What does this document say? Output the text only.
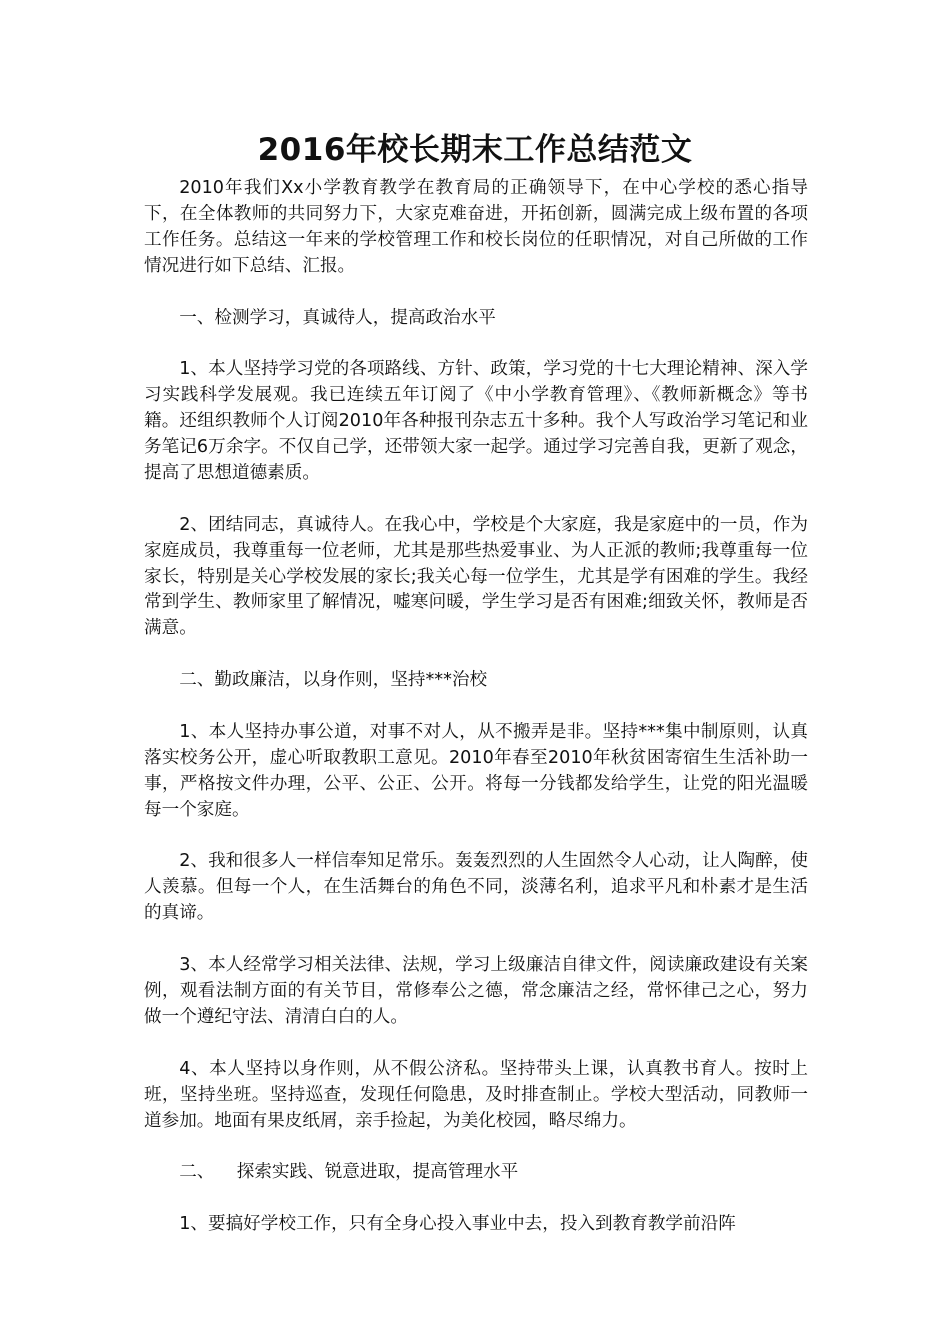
2016年校长期末工作总结范文

2010年我们Xx小学教育教学在教育局的正确领导下，在中心学校的悉心指导下，在全体教师的共同努力下，大家克难奋进，开拓创新，圆满完成上级布置的各项工作任务。总结这一年来的学校管理工作和校长岗位的任职情况，对自己所做的工作情况进行如下总结、汇报。

一、检测学习，真诚待人，提高政治水平

1、本人坚持学习党的各项路线、方针、政策，学习党的十七大理论精神、深入学习实践科学发展观。我已连续五年订阅了《中小学教育管理》、《教师新概念》等书籍。还组织教师个人订阅2010年各种报刊杂志五十多种。我个人写政治学习笔记和业务笔记6万余字。不仅自己学，还带领大家一起学。通过学习完善自我，更新了观念，提高了思想道德素质。

2、团结同志，真诚待人。在我心中，学校是个大家庭，我是家庭中的一员，作为家庭成员，我尊重每一位老师，尤其是那些热爱事业、为人正派的教师;我尊重每一位家长，特别是关心学校发展的家长;我关心每一位学生，尤其是学有困难的学生。我经常到学生、教师家里了解情况，嘘寒问暖，学生学习是否有困难;细致关怀，教师是否满意。

二、勤政廉洁，以身作则，坚持***治校

1、本人坚持办事公道，对事不对人，从不搬弄是非。坚持***集中制原则，认真落实校务公开，虚心听取教职工意见。2010年春至2010年秋贫困寄宿生生活补助一事，严格按文件办理，公平、公正、公开。将每一分钱都发给学生，让党的阳光温暖每一个家庭。

2、我和很多人一样信奉知足常乐。轰轰烈烈的人生固然令人心动，让人陶醉，使人羡慕。但每一个人，在生活舞台的角色不同，淡薄名利，追求平凡和朴素才是生活的真谛。

3、本人经常学习相关法律、法规，学习上级廉洁自律文件，阅读廉政建设有关案例，观看法制方面的有关节目，常修奉公之德，常念廉洁之经，常怀律己之心，努力做一个遵纪守法、清清白白的人。

4、本人坚持以身作则，从不假公济私。坚持带头上课，认真教书育人。按时上班，坚持坐班。坚持巡查，发现任何隐患，及时排查制止。学校大型活动，同教师一道参加。地面有果皮纸屑，亲手捡起，为美化校园，略尽绵力。

二、    探索实践、锐意进取，提高管理水平

1、要搞好学校工作，只有全身心投入事业中去，投入到教育教学前沿阵
